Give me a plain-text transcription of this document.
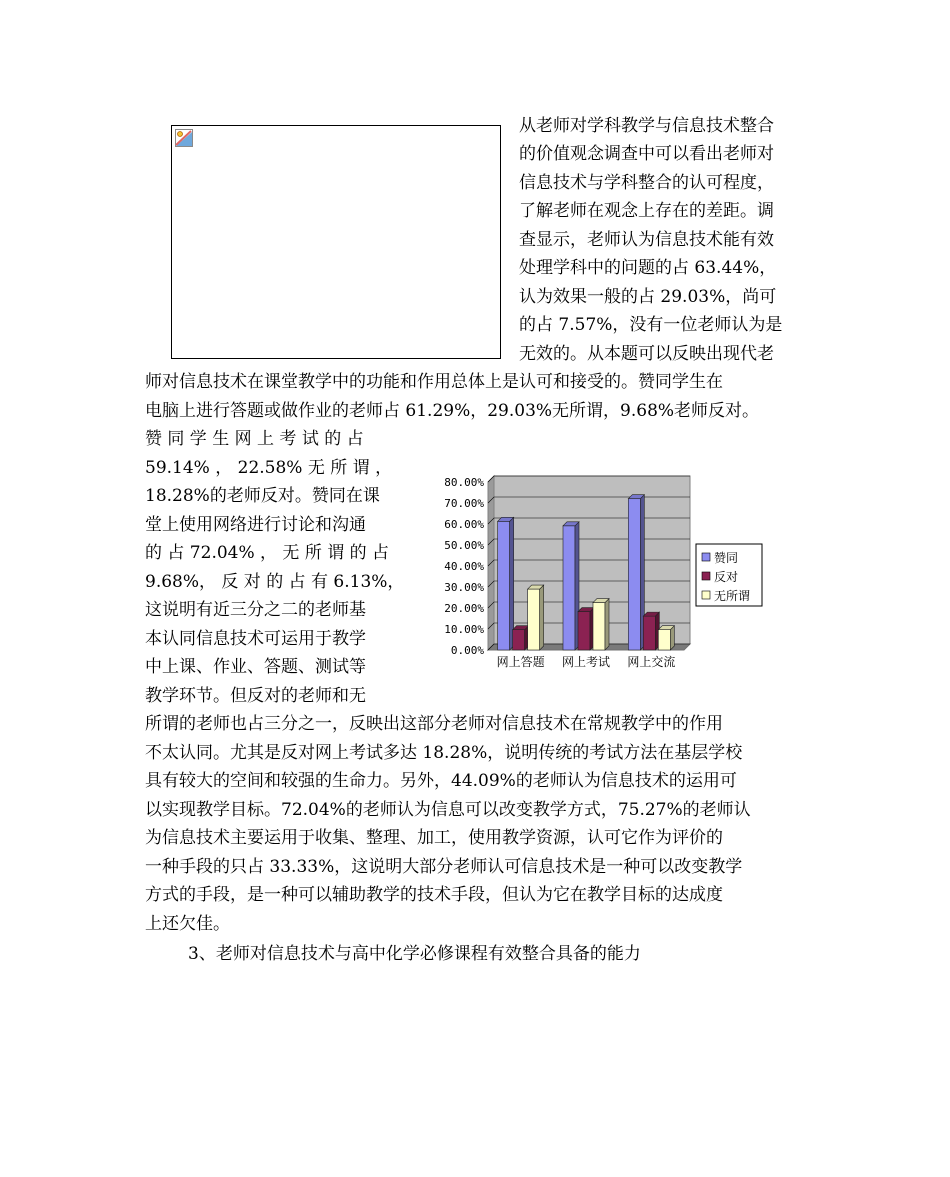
从老师对学科教学与信息技术整合
的价值观念调查中可以看出老师对
信息技术与学科整合的认可程度，
了解老师在观念上存在的差距。调
查显示，老师认为信息技术能有效
处理学科中的问题的占 63.44%，
认为效果一般的占 29.03%，尚可
的占 7.57%，没有一位老师认为是
无效的。从本题可以反映出现代老
师对信息技术在课堂教学中的功能和作用总体上是认可和接受的。赞同学生在
电脑上进行答题或做作业的老师占 61.29%，29.03%无所谓，9.68%老师反对。
赞 同 学 生 网 上 考 试 的 占
59.14% ， 22.58% 无 所 谓 ，
18.28%的老师反对。赞同在课
堂上使用网络进行讨论和沟通
的 占 72.04% ， 无 所 谓 的 占
9.68%， 反 对 的 占 有 6.13%，
这说明有近三分之二的老师基
本认同信息技术可运用于教学
中上课、作业、答题、测试等
教学环节。但反对的老师和无
所谓的老师也占三分之一，反映出这部分老师对信息技术在常规教学中的作用
不太认同。尤其是反对网上考试多达 18.28%，说明传统的考试方法在基层学校
具有较大的空间和较强的生命力。另外，44.09%的老师认为信息技术的运用可
以实现教学目标。72.04%的老师认为信息可以改变教学方式，75.27%的老师认
为信息技术主要运用于收集、整理、加工，使用教学资源，认可它作为评价的
一种手段的只占 33.33%，这说明大部分老师认可信息技术是一种可以改变教学
方式的手段，是一种可以辅助教学的技术手段，但认为它在教学目标的达成度
上还欠佳。
3、老师对信息技术与高中化学必修课程有效整合具备的能力
0.00%
10.00%
20.00%
30.00%
40.00%
50.00%
60.00%
70.00%
80.00%
网上答题 网上考试 网上交流
赞同
反对
无所谓
